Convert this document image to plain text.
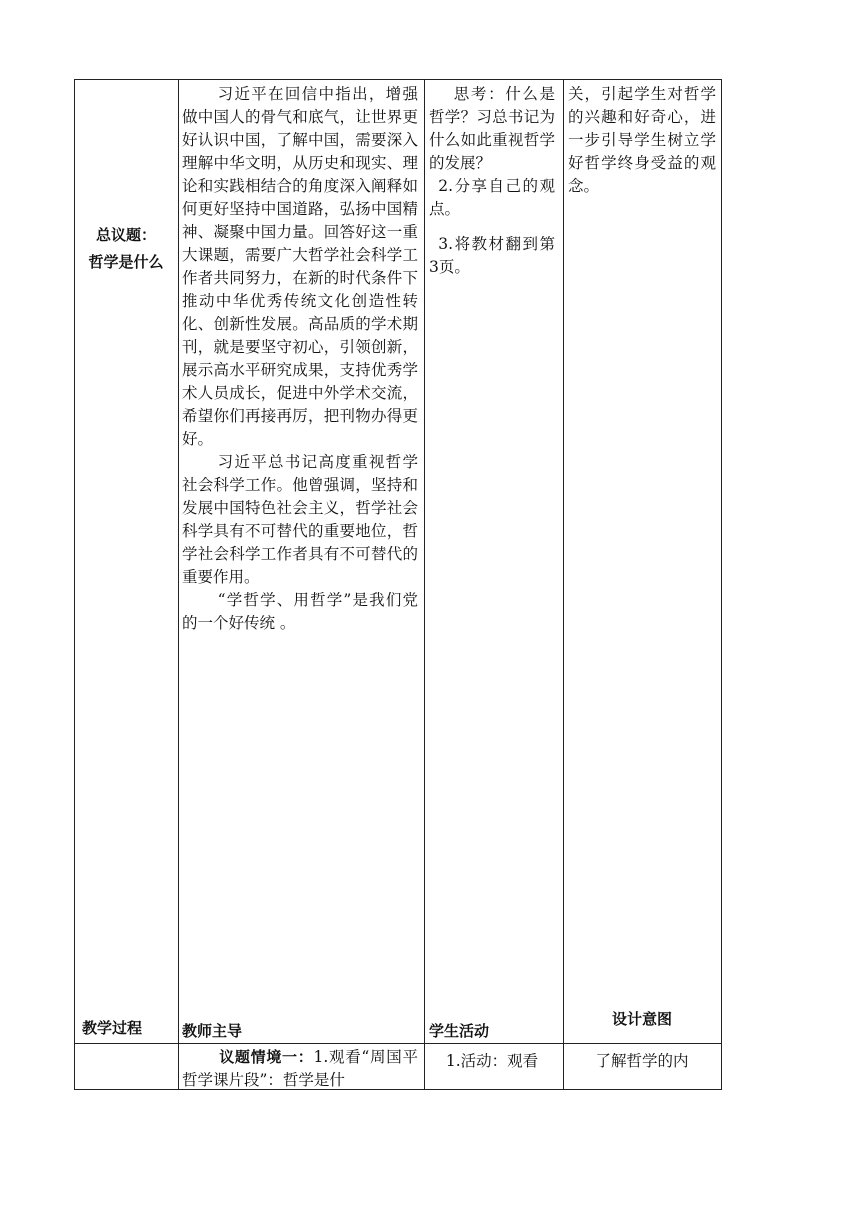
总议题：
哲学是什么
教学过程

习近平在回信中指出，增强做中国人的骨气和底气，让世界更好认识中国，了解中国，需要深入理解中华文明，从历史和现实、理论和实践相结合的角度深入阐释如何更好坚持中国道路，弘扬中国精神、凝聚中国力量。回答好这一重大课题，需要广大哲学社会科学工作者共同努力，在新的时代条件下推动中华优秀传统文化创造性转化、创新性发展。高品质的学术期刊，就是要坚守初心，引领创新，展示高水平研究成果，支持优秀学术人员成长，促进中外学术交流，希望你们再接再厉，把刊物办得更好。

习近平总书记高度重视哲学社会科学工作。他曾强调，坚持和发展中国特色社会主义，哲学社会科学具有不可替代的重要地位，哲学社会科学工作者具有不可替代的重要作用。

“学哲学、用哲学”是我们党的一个好传统 。

教师主导

议题情境一：1.观看“周国平哲学课片段”：哲学是什

思考：什么是哲学？习总书记为什么如此重视哲学的发展？

2.分享自己的观点。

3.将教材翻到第3页。

学生活动
1.活动：观看

关，引起学生对哲学的兴趣和好奇心，进一步引导学生树立学好哲学终身受益的观念。

设计意图
了解哲学的内
